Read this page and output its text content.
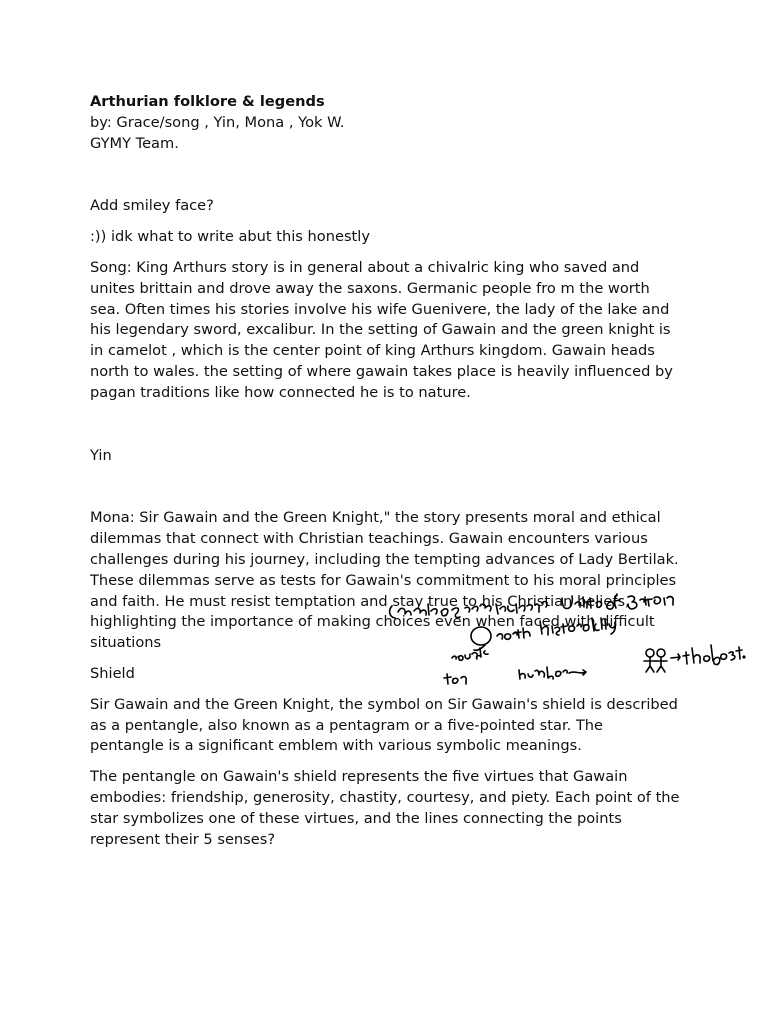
Arthurian folklore & legends

by: Grace/song , Yin, Mona , Yok W.

GYMY Team.

Add smiley face?

:)) idk what to write abut this honestly

Song: King Arthurs story is in general about a chivalric king who saved and unites brittain and drove away the saxons. Germanic people fro m the worth sea. Often times his stories involve his wife Guenivere, the lady of the lake and his legendary sword, excalibur. In the setting of Gawain and the green knight is in camelot , which is the center point of king Arthurs kingdom. Gawain heads north to wales. the setting of where gawain takes place is heavily influenced by pagan traditions like how connected he is to nature.

Yin

Mona: Sir Gawain and the Green Knight," the story presents moral and ethical dilemmas that connect with Christian teachings. Gawain encounters various challenges during his journey, including the tempting advances of Lady Bertilak. These dilemmas serve as tests for Gawain's commitment to his moral principles and faith. He must resist temptation and stay true to his Christian beliefs, highlighting the importance of making choices even when faced with difficult situations

Shield

Sir Gawain and the Green Knight, the symbol on Sir Gawain's shield is described as a pentangle, also known as a pentagram or a five-pointed star. The pentangle is a significant emblem with various symbolic meanings.

The pentangle on Gawain's shield represents the five virtues that Gawain embodies: friendship, generosity, chastity, courtesy, and piety. Each point of the star symbolizes one of these virtues, and the lines connecting the points represent their 5 senses?
